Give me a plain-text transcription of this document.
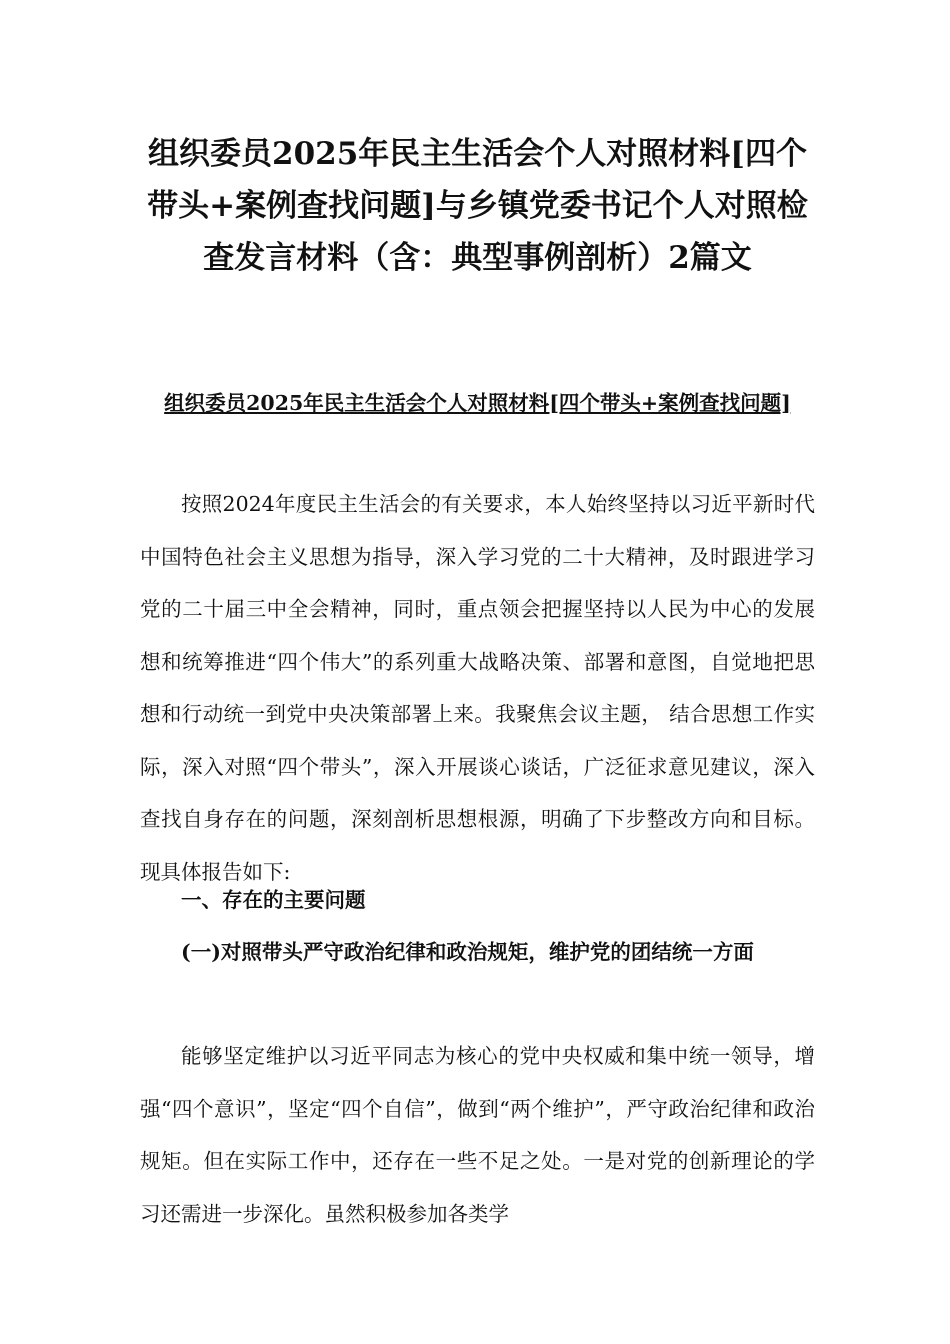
组织委员2025年民主生活会个人对照材料[四个带头+案例查找问题]与乡镇党委书记个人对照检查发言材料（含：典型事例剖析）2篇文
组织委员2025年民主生活会个人对照材料[四个带头+案例查找问题]

按照2024年度民主生活会的有关要求，本人始终坚持以习近平新时代中国特色社会主义思想为指导，深入学习党的二十大精神，及时跟进学习党的二十届三中全会精神，同时，重点领会把握坚持以人民为中心的发展想和统筹推进“四个伟大”的系列重大战略决策、部署和意图，自觉地把思想和行动统一到党中央决策部署上来。我聚焦会议主题， 结合思想工作实际，深入对照“四个带头”，深入开展谈心谈话，广泛征求意见建议，深入查找自身存在的问题，深刻剖析思想根源，明确了下步整改方向和目标。现具体报告如下:

一、存在的主要问题

(一)对照带头严守政治纪律和政治规矩，维护党的团结统一方面

能够坚定维护以习近平同志为核心的党中央权威和集中统一领导，增强“四个意识”，坚定“四个自信”，做到“两个维护”，严守政治纪律和政治规矩。但在实际工作中，还存在一些不足之处。一是对党的创新理论的学习还需进一步深化。虽然积极参加各类学
